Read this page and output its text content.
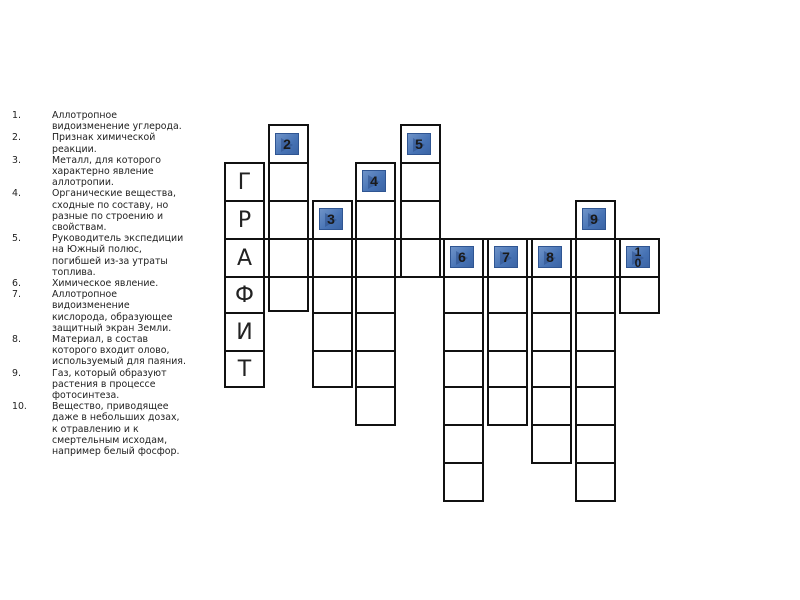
1.	Аллотропное видоизменение углерода.
2.	Признак химической реакции.
3.	Металл, для которого характерно явление аллотропии.
4.	Органические вещества, сходные по составу, но разные по строению и свойствам.
5.	Руководитель экспедиции на Южный полюс, погибшей из-за утраты топлива.
6.	Химическое явление.
7.	Аллотропное видоизменение кислорода, образующее защитный экран Земли.
8.	Материал, в состав которого входит олово, используемый для паяния.
9.	Газ, который образуют растения в процессе фотосинтеза.
10.	Вещество, приводящее даже в небольших дозах, к отравлению и к смертельным исходам, например белый фосфор.
2
3
4
5
6	7	8
9
10
Г
Р
А
Ф
И
Т
